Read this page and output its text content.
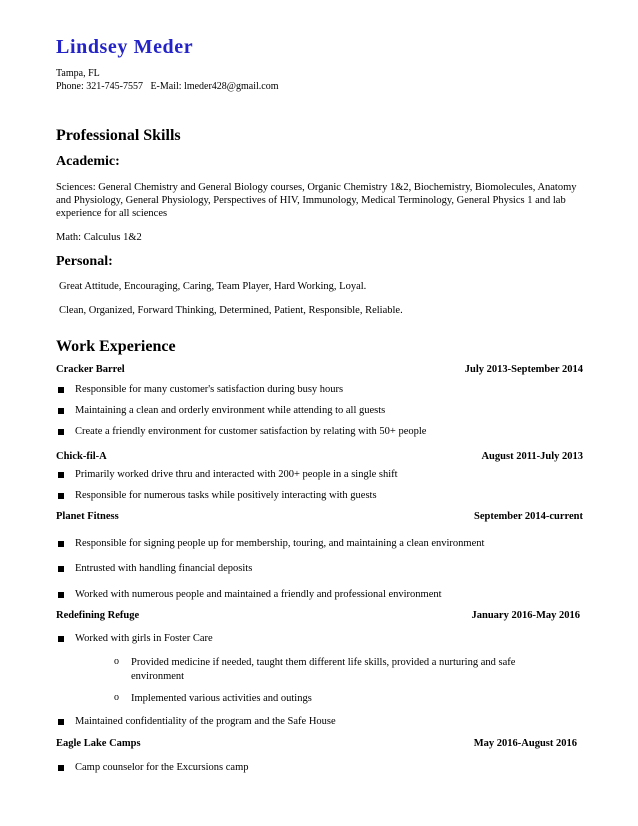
Lindsey Meder
Tampa, FL
Phone: 321-745-7557   E-Mail: lmeder428@gmail.com
Professional Skills
Academic:
Sciences: General Chemistry and General Biology courses, Organic Chemistry 1&2, Biochemistry, Biomolecules, Anatomy and Physiology, General Physiology, Perspectives of HIV, Immunology, Medical Terminology, General Physics 1 and lab experience for all sciences
Math: Calculus 1&2
Personal:
Great Attitude, Encouraging, Caring, Team Player, Hard Working, Loyal.
Clean, Organized, Forward Thinking, Determined, Patient, Responsible, Reliable.
Work Experience
Cracker Barrel	July 2013-September 2014
Responsible for many customer's satisfaction during busy hours
Maintaining a clean and orderly environment while attending to all guests
Create a friendly environment for customer satisfaction by relating with 50+ people
Chick-fil-A	August 2011-July 2013
Primarily worked drive thru and interacted with 200+ people in a single shift
Responsible for numerous tasks while positively interacting with guests
Planet Fitness	September 2014-current
Responsible for signing people up for membership, touring, and maintaining a clean environment
Entrusted with handling financial deposits
Worked with numerous people and maintained a friendly and professional environment
Redefining Refuge	January 2016-May 2016
Worked with girls in Foster Care
o Provided medicine if needed, taught them different life skills, provided a nurturing and safe environment
o Implemented various activities and outings
Maintained confidentiality of the program and the Safe House
Eagle Lake Camps	May 2016-August 2016
Camp counselor for the Excursions camp
